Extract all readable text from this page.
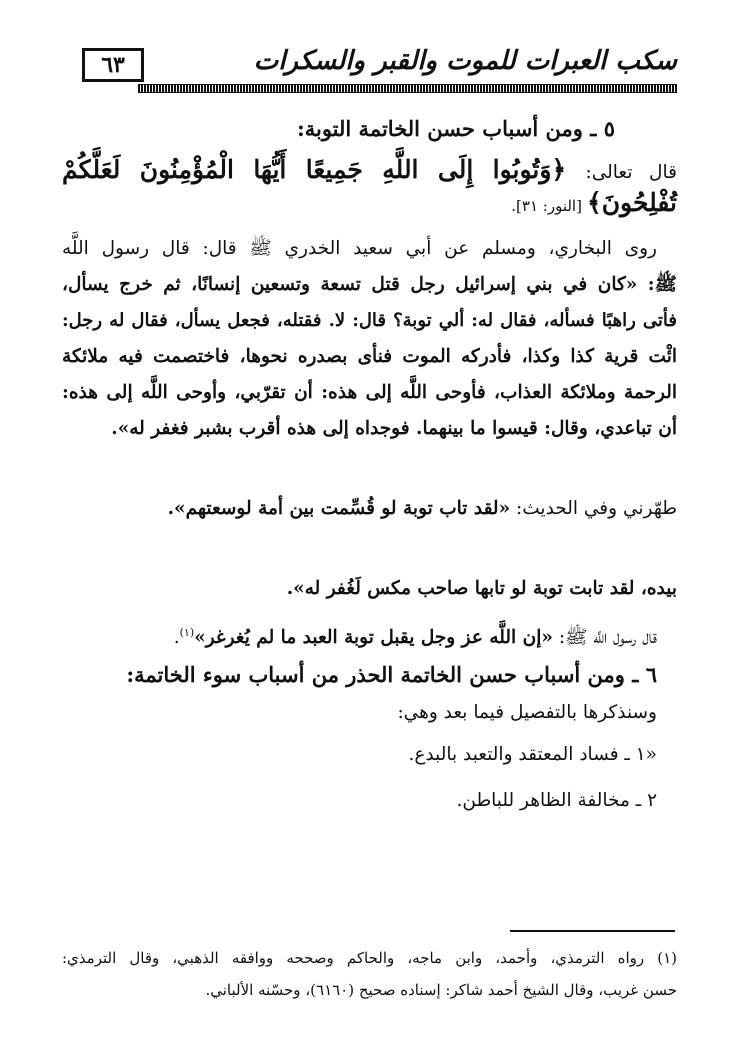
٦٣	سكب العبرات للموت والقبر والسكرات
٥ ـ ومن أسباب حسن الخاتمة التوبة:
قال تعالى: ﴿وَتُوبُوا إِلَى اللَّهِ جَمِيعًا أَيُّهَا الْمُؤْمِنُونَ لَعَلَّكُمْ
تُفْلِحُونَ﴾ [النور: ٣١].
روى البخاري، ومسلم عن أبي سعيد الخدري ﷺ قال: قال رسول اللَّه
ﷺ: «كان في بني إسرائيل رجل قتل تسعة وتسعين إنسانًا، ثم خرج يسأل،
فأتى راهبًا فسأله، فقال له: ألي توبة؟ قال: لا. فقتله، فجعل يسأل، فقال له رجل:
ائْت قرية كذا وكذا، فأدركه الموت فنأى بصدره نحوها، فاختصمت فيه ملائكة
الرحمة وملائكة العذاب، فأوحى اللَّه إلى هذه: أن تقرّبي، وأوحى اللَّه إلى هذه:
أن تباعدي، وقال: قيسوا ما بينهما. فوجداه إلى هذه أقرب بشبر فغفر له».
طهّرني وفي الحديث: «لقد تاب توبة لو قُسِّمت بين أمة لوسعتهم».
بيده، لقد تابت توبة لو تابها صاحب مكس لَغُفر له».
قال رسول اللَّه ﷺ: «إن اللَّه عز وجل يقبل توبة العبد ما لم يُغرغر»$^{(١)}$.
٦ ـ ومن أسباب حسن الخاتمة الحذر من أسباب سوء الخاتمة:
وسنذكرها بالتفصيل فيما بعد وهي:
«١ ـ فساد المعتقد والتعبد بالبدع.
٢ ـ مخالفة الظاهر للباطن.
(١) رواه الترمذي، وأحمد، وابن ماجه، والحاكم وصححه ووافقه الذهبي، وقال الترمذي:
حسن غريب، وقال الشيخ أحمد شاكر: إسناده صحيح (٦١٦٠)، وحسّنه الألباني.
